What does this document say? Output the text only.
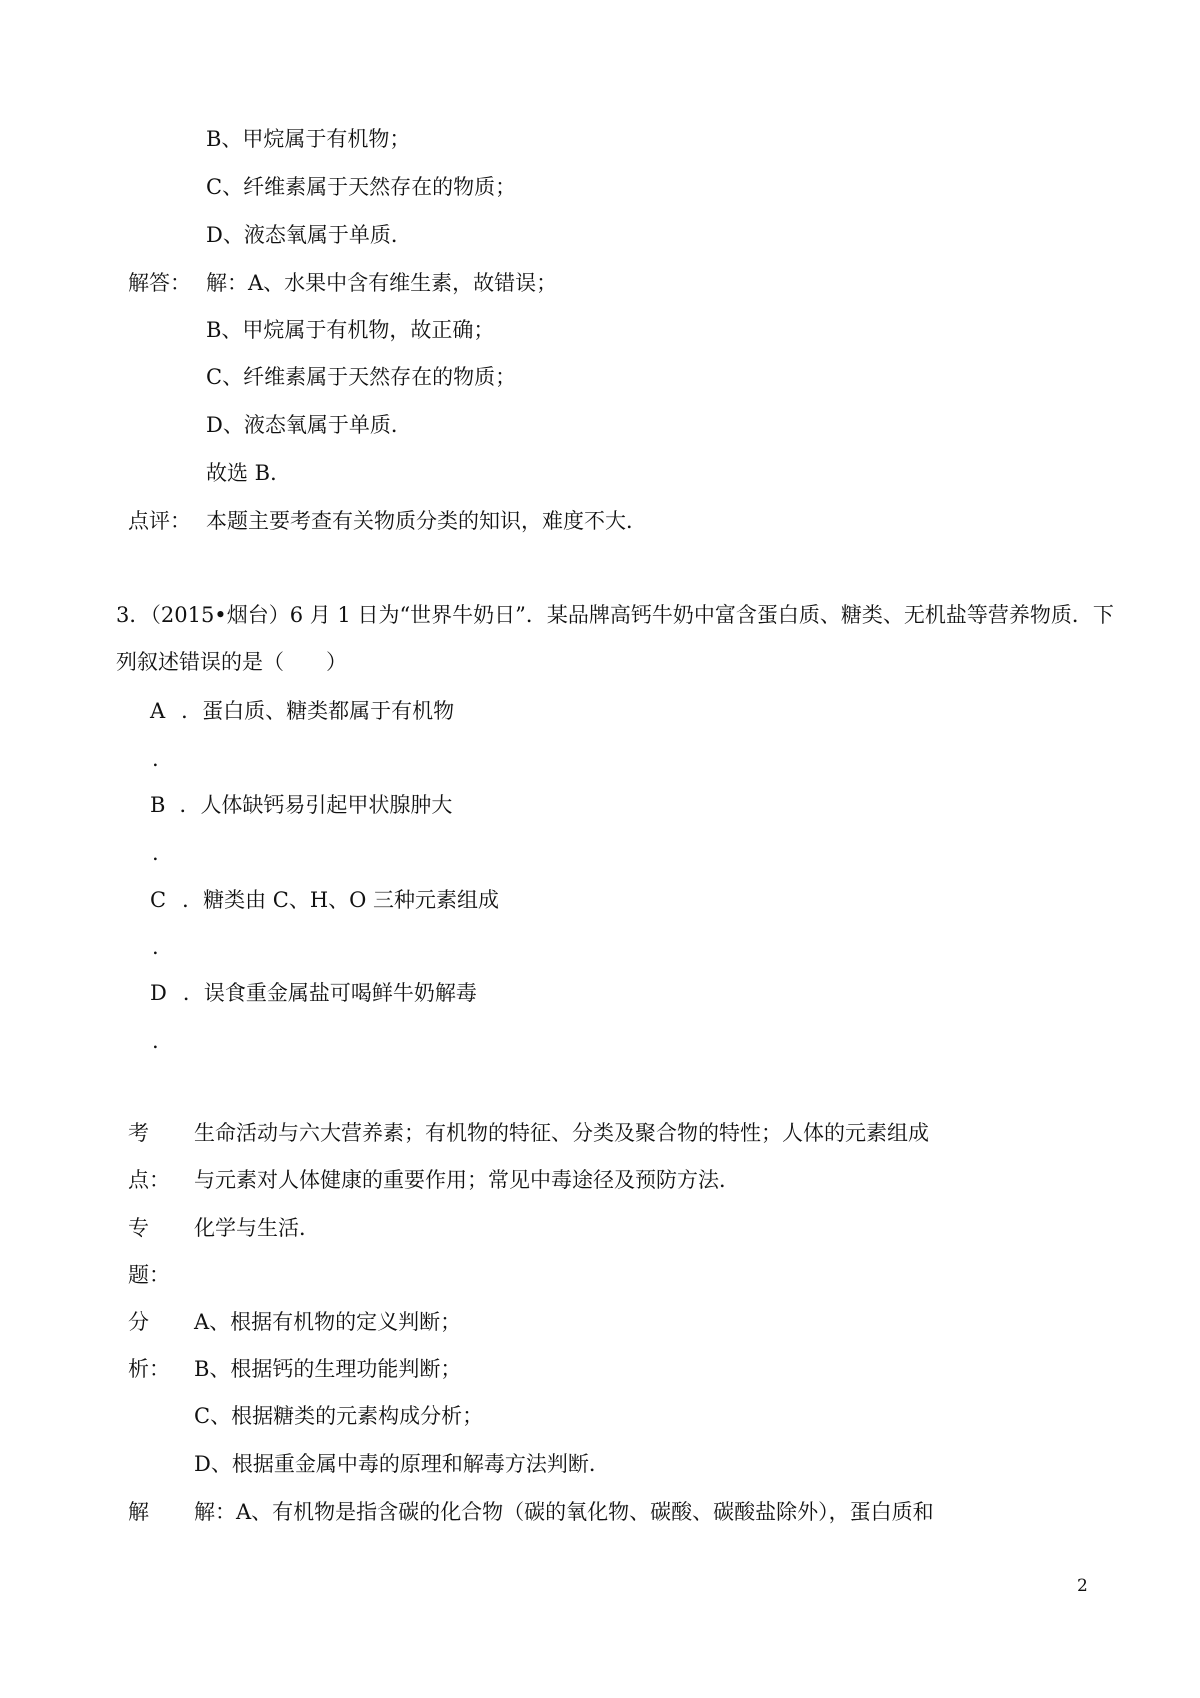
B、甲烷属于有机物；
C、纤维素属于天然存在的物质；
D、液态氧属于单质．
解答： 解：A、水果中含有维生素，故错误；
B、甲烷属于有机物，故正确；
C、纤维素属于天然存在的物质；
D、液态氧属于单质．
故选 B．
点评： 本题主要考查有关物质分类的知识，难度不大．
3．（2015•烟台）6 月 1 日为“世界牛奶日”．某品牌高钙牛奶中富含蛋白质、糖类、无机盐等营养物质．下
列叙述错误的是（　　）
A ．蛋白质、糖类都属于有机物
.
B ．人体缺钙易引起甲状腺肿大
.
C ．糖类由 C、H、O 三种元素组成
.
D ．误食重金属盐可喝鲜牛奶解毒
.
考 生命活动与六大营养素；有机物的特征、分类及聚合物的特性；人体的元素组成
点： 与元素对人体健康的重要作用；常见中毒途径及预防方法．
专 化学与生活．
题：
分 A、根据有机物的定义判断；
析： B、根据钙的生理功能判断；
C、根据糖类的元素构成分析；
D、根据重金属中毒的原理和解毒方法判断．
解 解：A、有机物是指含碳的化合物（碳的氧化物、碳酸、碳酸盐除外），蛋白质和
2
